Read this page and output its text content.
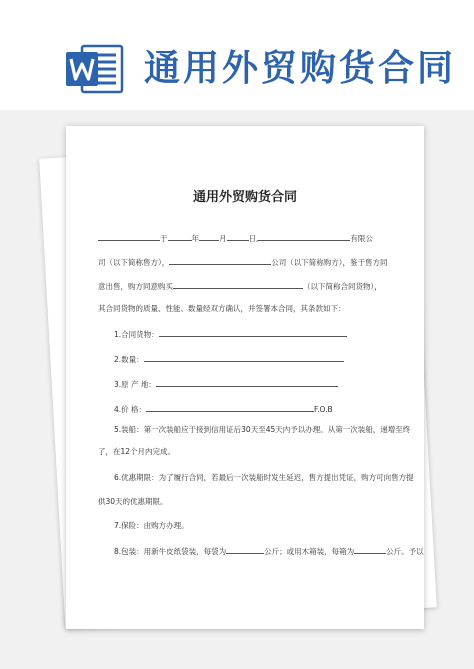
通用外贸购货合同
通用外贸购货合同
于	年	月	日,	有限公
司（以下简称售方），	公司（以下简称购方），鉴于售方同
意出售，购方同意购买	（以下简称合同货物），
其合同货物的质量、性能、数量经双方确认，并签署本合同，其条款如下：
1.合同货物：
2.数量：
3.原 产 地：
4.价 格：	F.O.B
5.装船：第一次装船应于接到信用证后30天至45天内予以办理。从第一次装船，递增至终
了，在12个月内完成。
6.优惠期限：为了履行合同，若最后一次装船时发生延迟，售方提出凭证，购方可向售方提
供30天的优惠期限。
7.保险：由购方办理。
8.包装：用新牛皮纸袋装，每袋为	公斤；或用木箱装，每箱为	公斤。予以
